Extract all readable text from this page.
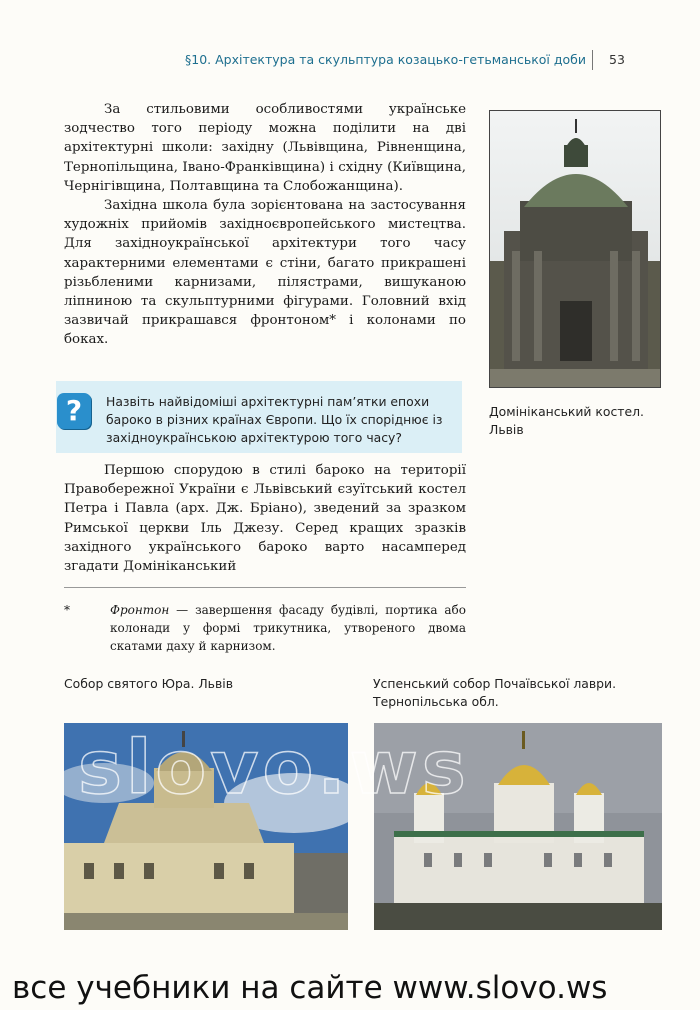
§10. Архітектура та скульптура козацько-гетьманської доби 53

За стильовими особливостями українське зодчество того періоду можна поділити на дві архітектурні школи: західну (Львівщина, Рівненщина, Тернопільщина, Івано-Франківщина) і східну (Київщина, Чернігівщина, Полтавщина та Слобожанщина).

Західна школа була зорієнтована на застосування художніх прийомів західноєвропейського мистецтва. Для західноукраїнської архітектури того часу характерними елементами є стіни, багато прикрашені різьбленими карнизами, пілястрами, вишуканою ліпниною та скульптурними фігурами. Головний вхід зазвичай прикрашався фронтоном* і колонами по боках.

Домініканський костел. Львів
?	Назвіть найвідоміші архітектурні пам’ятки епохи бароко в різних країнах Європи. Що їх споріднює із західноукраїнською архітектурою того часу?

Першою спорудою в стилі бароко на території Правобережної України є Львівський єзуїтський костел Петра і Павла (арх. Дж. Бріано), зведений за зразком Римської церкви Іль Джезу. Серед кращих зразків західного українського бароко варто насамперед згадати Домініканський

*	Фронтон — завершення фасаду будівлі, портика або колонади у формі трикутника, утвореного двома скатами даху й карнизом.
Собор святого Юра. Львів	Успенський собор Почаївської лаври. Тернопільська обл.
все учебники на сайте www.slovo.ws
